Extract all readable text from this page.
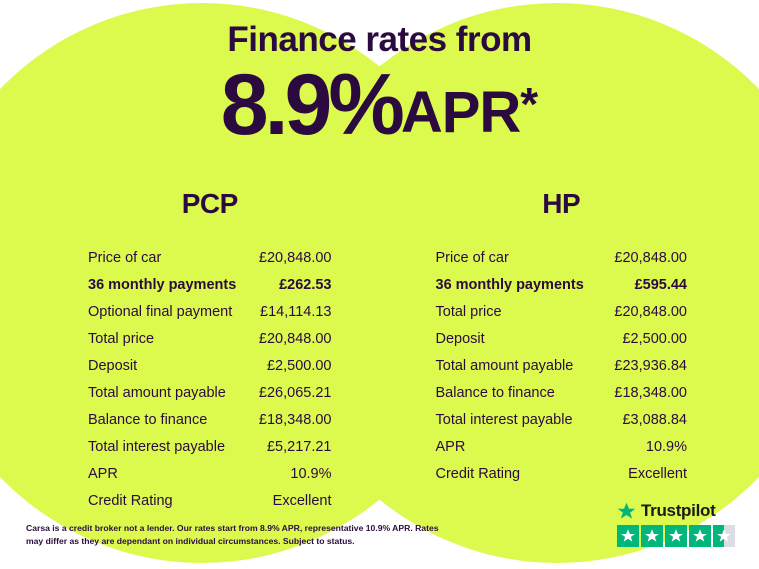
Finance rates from
8.9%APR*
PCP
Price of car	£20,848.00
36 monthly payments	£262.53
Optional final payment £14,114.13
Total price	£20,848.00
Deposit	£2,500.00
Total amount payable £26,065.21
Balance to finance	£18,348.00
Total interest payable	£5,217.21
APR	10.9%
Credit Rating	Excellent
HP
Price of car	£20,848.00
36 monthly payments	£595.44
Total price	£20,848.00
Deposit	£2,500.00
Total amount payable	£23,936.84
Balance to finance	£18,348.00
Total interest payable	£3,088.84
APR	10.9%
Credit Rating	Excellent
Carsa is a credit broker not a lender. Our rates start from 8.9% APR, representative 10.9% APR. Rates may differ as they are dependant on individual circumstances. Subject to status.
Trustpilot
